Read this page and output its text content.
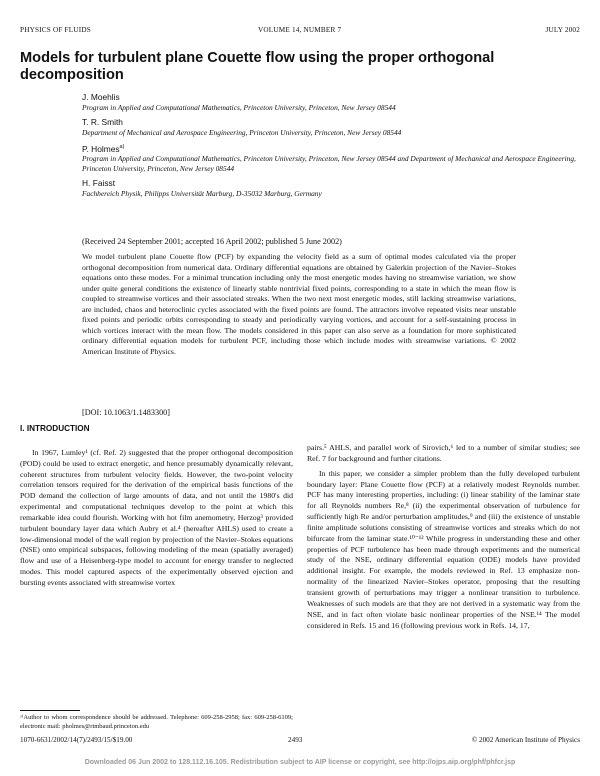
PHYSICS OF FLUIDS	VOLUME 14, NUMBER 7	JULY 2002
Models for turbulent plane Couette flow using the proper orthogonal decomposition
J. Moehlis
Program in Applied and Computational Mathematics, Princeton University, Princeton, New Jersey 08544
T. R. Smith
Department of Mechanical and Aerospace Engineering, Princeton University, Princeton, New Jersey 08544
P. Holmes$^{a)}$
Program in Applied and Computational Mathematics, Princeton University, Princeton, New Jersey 08544 and Department of Mechanical and Aerospace Engineering, Princeton University, Princeton, New Jersey 08544
H. Faisst
Fachbereich Physik, Philipps Universität Marburg, D-35032 Marburg, Germany
(Received 24 September 2001; accepted 16 April 2002; published 5 June 2002)
We model turbulent plane Couette flow (PCF) by expanding the velocity field as a sum of optimal modes calculated via the proper orthogonal decomposition from numerical data. Ordinary differential equations are obtained by Galerkin projection of the Navier–Stokes equations onto these modes. For a minimal truncation including only the most energetic modes having no streamwise variation, we show under quite general conditions the existence of linearly stable nontrivial fixed points, corresponding to a state in which the mean flow is coupled to streamwise vortices and their associated streaks. When the two next most energetic modes, still lacking streamwise variations, are included, chaos and heteroclinic cycles associated with the fixed points are found. The attractors involve repeated visits near unstable fixed points and periodic orbits corresponding to steady and periodically varying vortices, and account for a self-sustaining process in which vortices interact with the mean flow. The models considered in this paper can also serve as a foundation for more sophisticated ordinary differential equation models for turbulent PCF, including those which include modes with streamwise variations. © 2002 American Institute of Physics.
[DOI: 10.1063/1.1483300]
I. INTRODUCTION

In 1967, Lumley¹ (cf. Ref. 2) suggested that the proper orthogonal decomposition (POD) could be used to extract energetic, and hence presumably dynamically relevant, coherent structures from turbulent velocity fields. However, the two-point velocity correlation tensors required for the derivation of the empirical basis functions of the POD demand the collection of large amounts of data, and not until the 1980's did experimental and computational techniques develop to the point at which this remarkable idea could flourish. Working with hot film anemometry, Herzog³ provided turbulent boundary layer data which Aubry et al.⁴ (hereafter AHLS) used to create a low-dimensional model of the wall region by projection of the Navier–Stokes equations (NSE) onto empirical subspaces, following modeling of the mean (spatially averaged) flow and use of a Heisenberg-type model to account for energy transfer to neglected modes. This model captured aspects of the experimentally observed ejection and bursting events associated with streamwise vortex

pairs.⁵ AHLS, and parallel work of Sirovich,⁶ led to a number of similar studies; see Ref. 7 for background and further citations.

In this paper, we consider a simpler problem than the fully developed turbulent boundary layer: Plane Couette flow (PCF) at a relatively modest Reynolds number. PCF has many interesting properties, including: (i) linear stability of the laminar state for all Reynolds numbers Re,⁸ (ii) the experimental observation of turbulence for sufficiently high Re and/or perturbation amplitudes,⁹ and (iii) the existence of unstable finite amplitude solutions consisting of streamwise vortices and streaks which do not bifurcate from the laminar state.¹⁰⁻¹² While progress in understanding these and other properties of PCF turbulence has been made through experiments and the numerical study of the NSE, ordinary differential equation (ODE) models have provided additional insight. For example, the models reviewed in Ref. 13 emphasize non-normality of the linearized Navier–Stokes operator, proposing that the resulting transient growth of perturbations may trigger a nonlinear transition to turbulence. Weaknesses of such models are that they are not derived in a systematic way from the NSE, and in fact often violate basic nonlinear properties of the NSE.¹⁴ The model considered in Refs. 15 and 16 (following previous work in Refs. 14, 17,

ᵃ⁾Author to whom correspondence should be addressed. Telephone: 609-258-2958; fax: 609-258-6109; electronic mail: pholmes@rimbaud.princeton.edu
1070-6631/2002/14(7)/2493/15/$19.00	2493	© 2002 American Institute of Physics
Downloaded 06 Jun 2002 to 128.112.16.105. Redistribution subject to AIP license or copyright, see http://ojps.aip.org/phf/phfcr.jsp
